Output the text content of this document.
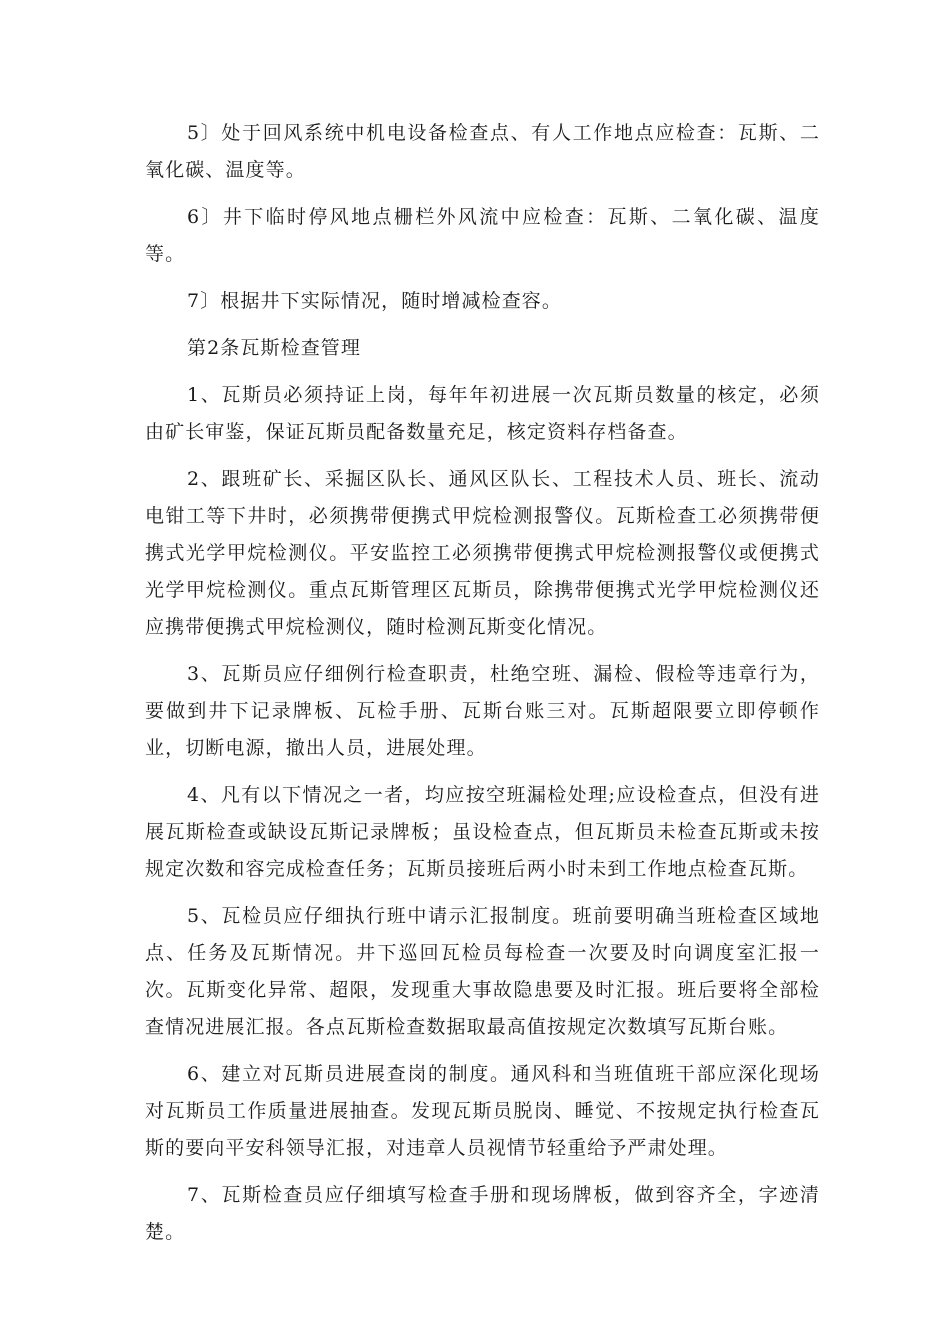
5〕处于回风系统中机电设备检查点、有人工作地点应检查：瓦斯、二氧化碳、温度等。

6〕井下临时停风地点栅栏外风流中应检查：瓦斯、二氧化碳、温度等。

7〕根据井下实际情况，随时增减检查容。

第2条瓦斯检查管理

1、瓦斯员必须持证上岗，每年年初进展一次瓦斯员数量的核定，必须由矿长审鉴，保证瓦斯员配备数量充足，核定资料存档备查。

2、跟班矿长、采掘区队长、通风区队长、工程技术人员、班长、流动电钳工等下井时，必须携带便携式甲烷检测报警仪。瓦斯检查工必须携带便携式光学甲烷检测仪。平安监控工必须携带便携式甲烷检测报警仪或便携式光学甲烷检测仪。重点瓦斯管理区瓦斯员，除携带便携式光学甲烷检测仪还应携带便携式甲烷检测仪，随时检测瓦斯变化情况。

3、瓦斯员应仔细例行检查职责，杜绝空班、漏检、假检等违章行为，要做到井下记录牌板、瓦检手册、瓦斯台账三对。瓦斯超限要立即停顿作业，切断电源，撤出人员，进展处理。

4、凡有以下情况之一者，均应按空班漏检处理;应设检查点，但没有进展瓦斯检查或缺设瓦斯记录牌板；虽设检查点，但瓦斯员未检查瓦斯或未按规定次数和容完成检查任务；瓦斯员接班后两小时未到工作地点检查瓦斯。

5、瓦检员应仔细执行班中请示汇报制度。班前要明确当班检查区域地点、任务及瓦斯情况。井下巡回瓦检员每检查一次要及时向调度室汇报一次。瓦斯变化异常、超限，发现重大事故隐患要及时汇报。班后要将全部检查情况进展汇报。各点瓦斯检查数据取最高值按规定次数填写瓦斯台账。

6、建立对瓦斯员进展查岗的制度。通风科和当班值班干部应深化现场对瓦斯员工作质量进展抽查。发现瓦斯员脱岗、睡觉、不按规定执行检查瓦斯的要向平安科领导汇报，对违章人员视情节轻重给予严肃处理。

7、瓦斯检查员应仔细填写检查手册和现场牌板，做到容齐全，字迹清楚。
